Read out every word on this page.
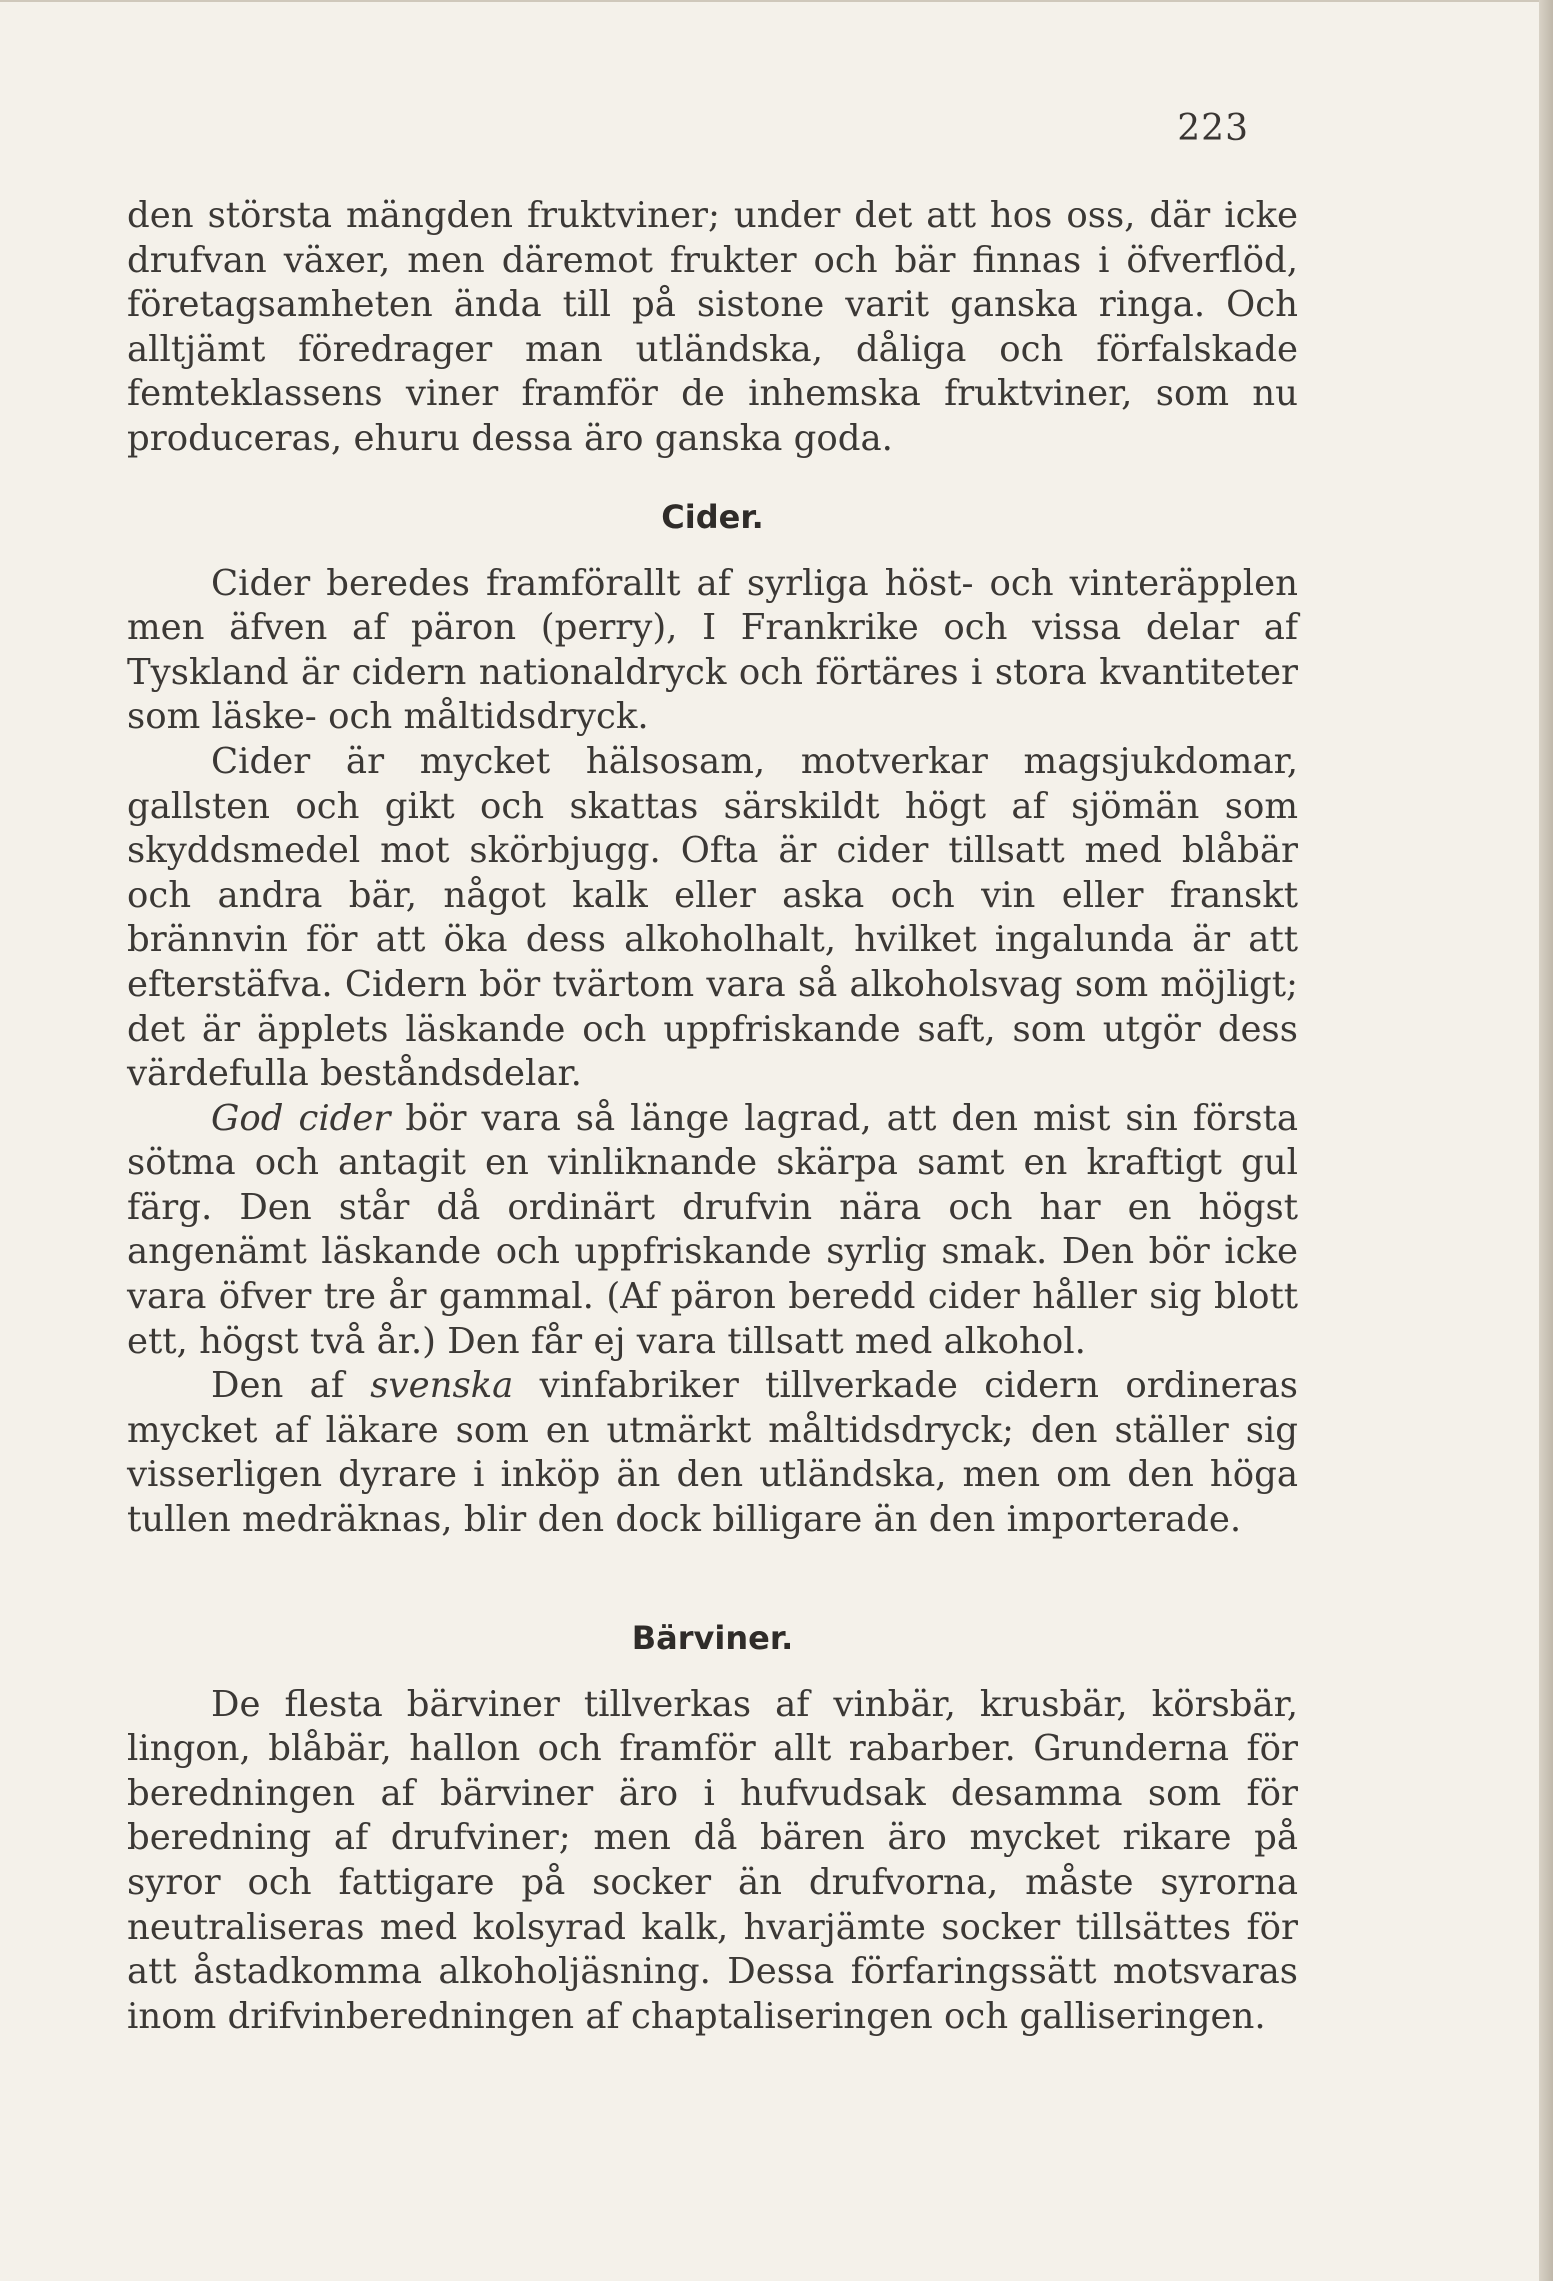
223

den största mängden fruktviner; under det att hos oss, där icke drufvan växer, men däremot frukter och bär finnas i öfverflöd, företagsamheten ända till på sistone varit ganska ringa. Och alltjämt föredrager man utländska, dåliga och förfalskade femteklassens viner framför de inhemska fruktviner, som nu produceras, ehuru dessa äro ganska goda.

Cider.

Cider beredes framförallt af syrliga höst- och vinteräpplen men äfven af päron (perry), I Frankrike och vissa delar af Tyskland är cidern nationaldryck och förtäres i stora kvantiteter som läske- och måltidsdryck.

Cider är mycket hälsosam, motverkar magsjukdomar, gallsten och gikt och skattas särskildt högt af sjömän som skyddsmedel mot skörbjugg. Ofta är cider tillsatt med blåbär och andra bär, något kalk eller aska och vin eller franskt brännvin för att öka dess alkoholhalt, hvilket ingalunda är att efterstäfva. Cidern bör tvärtom vara så alkoholsvag som möjligt; det är äpplets läskande och uppfriskande saft, som utgör dess värdefulla beståndsdelar.

God cider bör vara så länge lagrad, att den mist sin första sötma och antagit en vinliknande skärpa samt en kraftigt gul färg. Den står då ordinärt drufvin nära och har en högst angenämt läskande och uppfriskande syrlig smak. Den bör icke vara öfver tre år gammal. (Af päron beredd cider håller sig blott ett, högst två år.) Den får ej vara tillsatt med alkohol.

Den af svenska vinfabriker tillverkade cidern ordineras mycket af läkare som en utmärkt måltidsdryck; den ställer sig visserligen dyrare i inköp än den utländska, men om den höga tullen medräknas, blir den dock billigare än den importerade.

Bärviner.

De flesta bärviner tillverkas af vinbär, krusbär, körsbär, lingon, blåbär, hallon och framför allt rabarber. Grunderna för beredningen af bärviner äro i hufvudsak desamma som för beredning af drufviner; men då bären äro mycket rikare på syror och fattigare på socker än drufvorna, måste syrorna neutraliseras med kolsyrad kalk, hvarjämte socker tillsättes för att åstadkomma alkoholjäsning. Dessa förfaringssätt motsvaras inom drifvinberedningen af chaptaliseringen och galliseringen.
